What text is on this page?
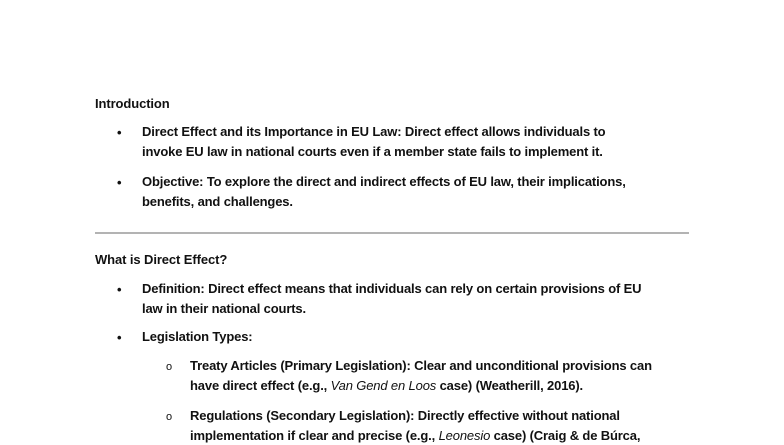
Introduction
• Direct Effect and its Importance in EU Law: Direct effect allows individuals to
invoke EU law in national courts even if a member state fails to implement it.
• Objective: To explore the direct and indirect effects of EU law, their implications,
benefits, and challenges.
What is Direct Effect?
• Definition: Direct effect means that individuals can rely on certain provisions of EU
law in their national courts.
• Legislation Types:
o Treaty Articles (Primary Legislation): Clear and unconditional provisions can
have direct effect (e.g., Van Gend en Loos case) (Weatherill, 2016).
o Regulations (Secondary Legislation): Directly effective without national
implementation if clear and precise (e.g., Leonesio case) (Craig & de Búrca,
